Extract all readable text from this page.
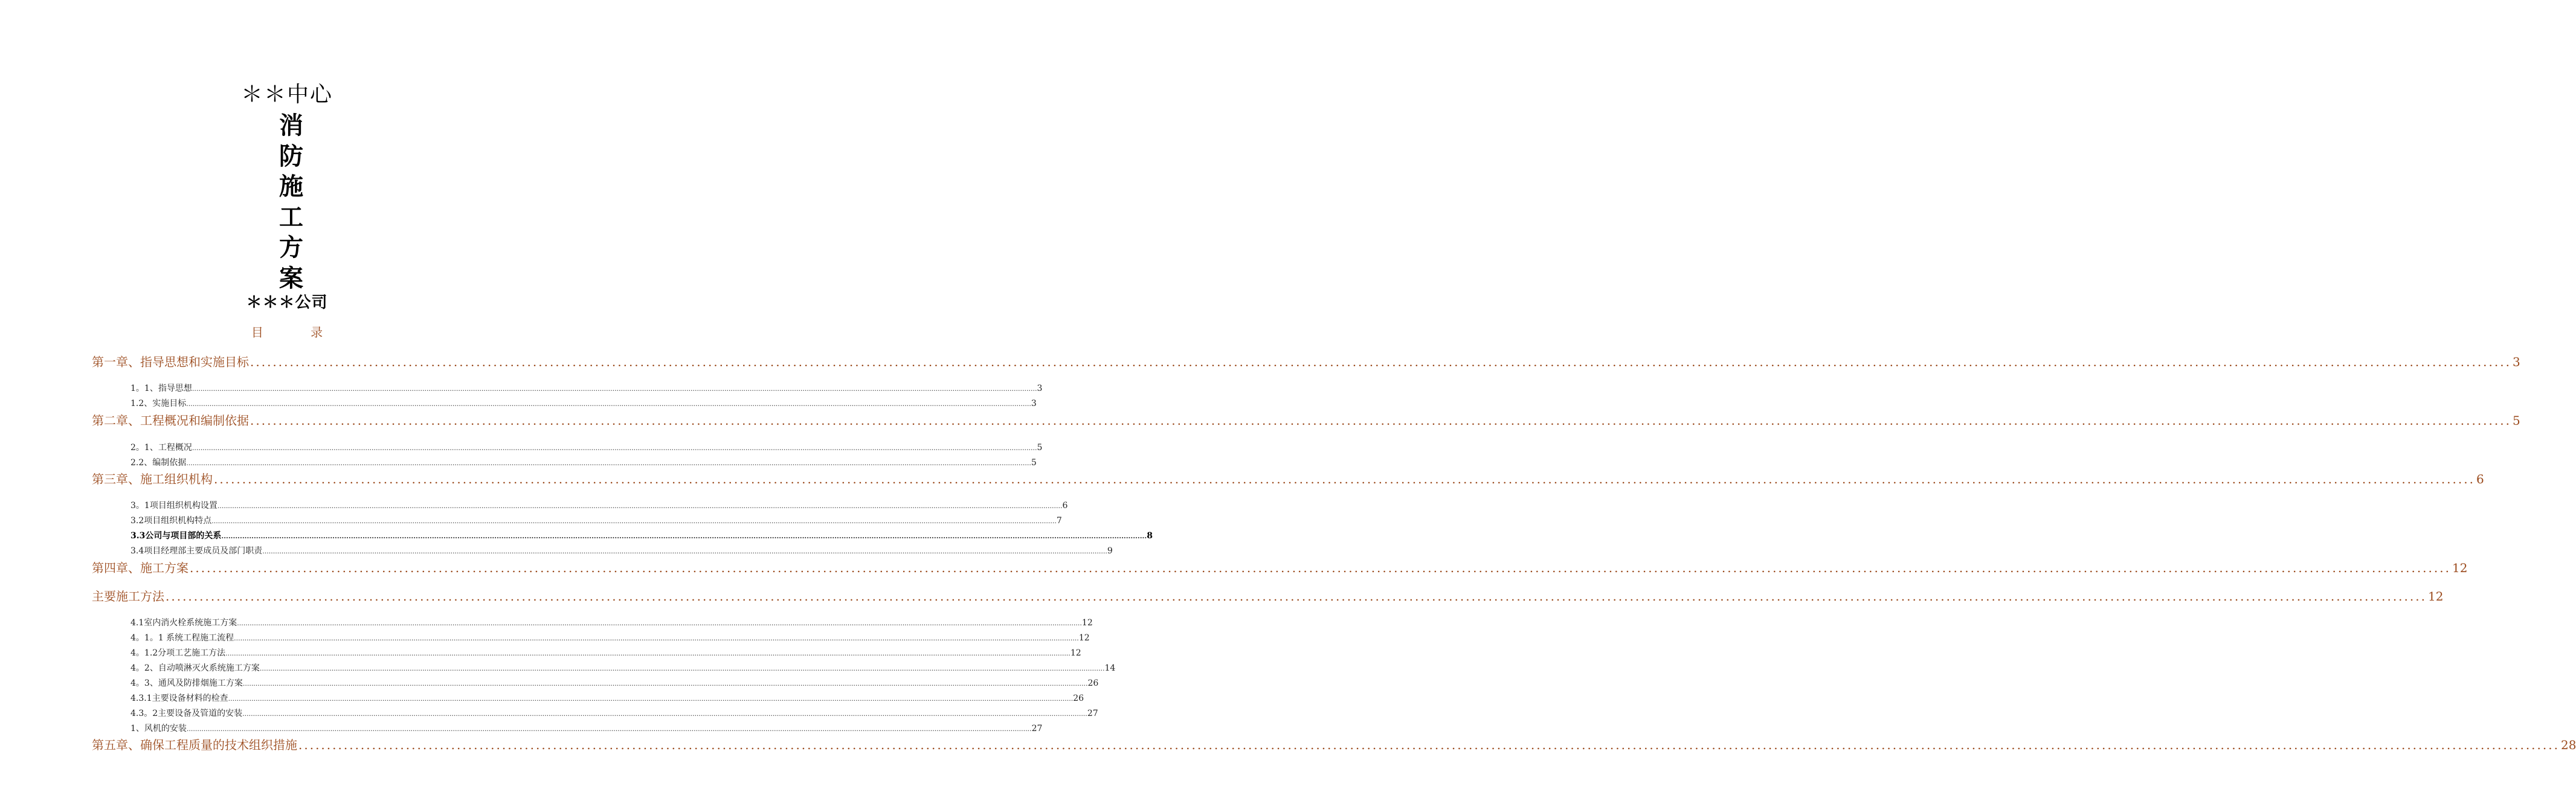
＊＊中心
消
防
施
工
方
案
＊＊＊公司
目	录
第一章、指导思想和实施目标 ................................................................................................................................................................................................................................................................................................................................................................................................................ 3
1。1、指导思想 ................................................................................................................................................................................................................................................................................................................................................................................................................ 3
1.2、实施目标 ................................................................................................................................................................................................................................................................................................................................................................................................................ 3
第二章、工程概况和编制依据 ................................................................................................................................................................................................................................................................................................................................................................................................................ 5
2。1、工程概况 ................................................................................................................................................................................................................................................................................................................................................................................................................ 5
2.2、编制依据 ................................................................................................................................................................................................................................................................................................................................................................................................................ 5
第三章、施工组织机构 ................................................................................................................................................................................................................................................................................................................................................................................................................ 6
3。1项目组织机构设置 ................................................................................................................................................................................................................................................................................................................................................................................................................ 6
3.2项目组织机构特点 ................................................................................................................................................................................................................................................................................................................................................................................................................ 7
3.3公司与项目部的关系 ................................................................................................................................................................................................................................................................................................................................................................................................................ 8
3.4项目经理部主要成员及部门职责 ................................................................................................................................................................................................................................................................................................................................................................................................................ 9
第四章、施工方案 ................................................................................................................................................................................................................................................................................................................................................................................................................ 12
主要施工方法 ................................................................................................................................................................................................................................................................................................................................................................................................................ 12
4.1室内消火栓系统施工方案 ................................................................................................................................................................................................................................................................................................................................................................................................................ 12
4。1。1 系统工程施工流程 ................................................................................................................................................................................................................................................................................................................................................................................................................ 12
4。1.2分项工艺施工方法 ................................................................................................................................................................................................................................................................................................................................................................................................................ 12
4。2、自动喷淋灭火系统施工方案 ................................................................................................................................................................................................................................................................................................................................................................................................................ 14
4。3、通风及防排烟施工方案 ................................................................................................................................................................................................................................................................................................................................................................................................................ 26
4.3.1主要设备材料的检查 ................................................................................................................................................................................................................................................................................................................................................................................................................ 26
4.3。2主要设备及管道的安装 ................................................................................................................................................................................................................................................................................................................................................................................................................ 27
1、风机的安装 ................................................................................................................................................................................................................................................................................................................................................................................................................ 27
第五章、确保工程质量的技术组织措施 ................................................................................................................................................................................................................................................................................................................................................................................................................ 28
